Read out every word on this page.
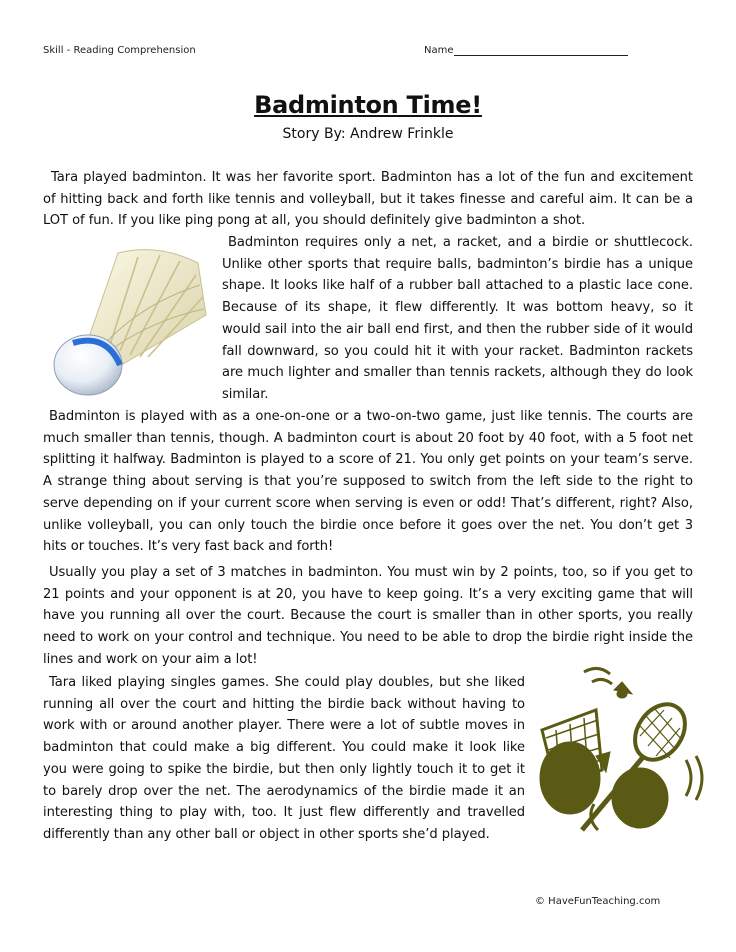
Skill - Reading Comprehension	Name
Badminton Time!
Story By: Andrew Frinkle

Tara played badminton. It was her favorite sport. Badminton has a lot of the fun and excitement of hitting back and forth like tennis and volleyball, but it takes finesse and careful aim. It can be a LOT of fun. If you like ping pong at all, you should definitely give badminton a shot.

Badminton requires only a net, a racket, and a birdie or shuttlecock. Unlike other sports that require balls, badminton’s birdie has a unique shape. It looks like half of a rubber ball attached to a plastic lace cone. Because of its shape, it flew differently. It was bottom heavy, so it would sail into the air ball end first, and then the rubber side of it would fall downward, so you could hit it with your racket. Badminton rackets are much lighter and smaller than tennis rackets, although they do look similar.

Badminton is played with as a one-on-one or a two-on-two game, just like tennis. The courts are much smaller than tennis, though. A badminton court is about 20 foot by 40 foot, with a 5 foot net splitting it halfway. Badminton is played to a score of 21. You only get points on your team’s serve. A strange thing about serving is that you’re supposed to switch from the left side to the right to serve depending on if your current score when serving is even or odd! That’s different, right? Also, unlike volleyball, you can only touch the birdie once before it goes over the net. You don’t get 3 hits or touches. It’s very fast back and forth!

Usually you play a set of 3 matches in badminton. You must win by 2 points, too, so if you get to 21 points and your opponent is at 20, you have to keep going. It’s a very exciting game that will have you running all over the court. Because the court is smaller than in other sports, you really need to work on your control and technique. You need to be able to drop the birdie right inside the lines and work on your aim a lot!

Tara liked playing singles games. She could play doubles, but she liked running all over the court and hitting the birdie back without having to work with or around another player. There were a lot of subtle moves in badminton that could make a big different. You could make it look like you were going to spike the birdie, but then only lightly touch it to get it to barely drop over the net. The aerodynamics of the birdie made it an interesting thing to play with, too. It just flew differently and travelled differently than any other ball or object in other sports she’d played.

© HaveFunTeaching.com
